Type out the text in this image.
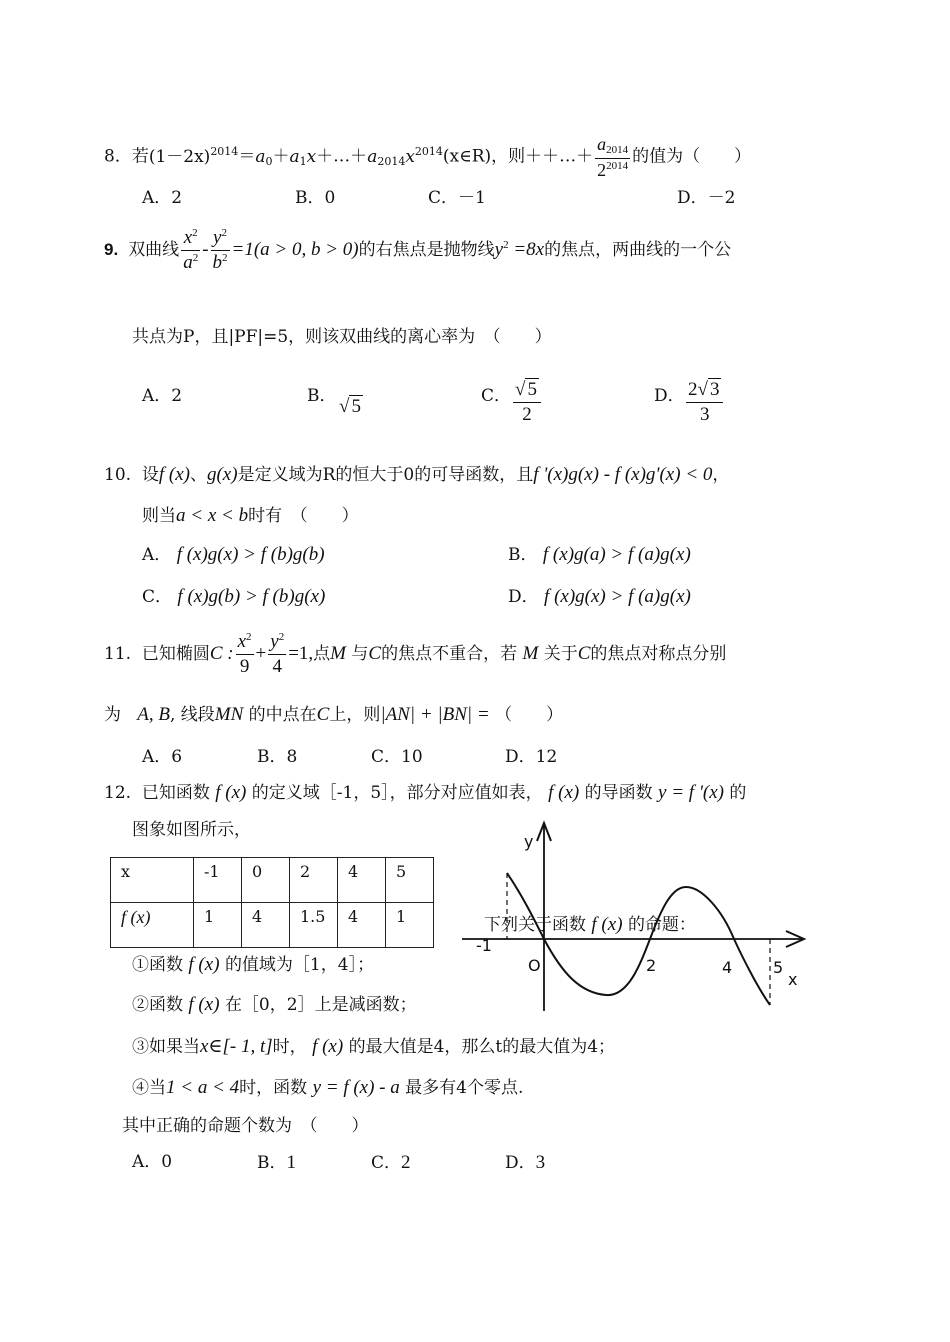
8．若$(1-2x)^{2014}=a_0+a_1x+\dots+a_{2014}x^{2014}(x\in R)$，则＋＋…＋ $\frac{a_{2014}}{2^{2014}}$ 的值为（　　）
A．2	B．0	C．－1	D．－2
9. 双曲线 $\frac{x^2}{a^2} - \frac{y^2}{b^2} =1(a > 0$, b > 0)的右焦点是抛物线$y^2 =8x$的焦点，两曲线的一个公
共点为P，且|PF|=5，则该双曲线的离心率为　（　　）
A．2	B． √ 5	C． $\frac{√ 5}{2}$	D． $\frac{2√ 3}{3}$
10. 设f (x)、g(x)是定义域为R的恒大于0的可导函数，且f '(x)g(x) - f (x)g'(x) < 0，
则当a < x < b时有　（　　）
A． f (x)g(x) > f (b)g(b)	B． f (x)g(a) > f (a)g(x)
C． f (x)g(b) > f (b)g(x)	D． f (x)g(x) > f (a)g(x)
11. 已知椭圆C : $\frac{x^2}{9} + \frac{y^2}{4} =1$,点M 与C的焦点不重合，若 M 关于C的焦点对称点分别
为 A, B, 线段MN 的中点在C上，则|AN| + |BN| = （　　）
A．6	B．8	C．10	D．12
12. 已知函数 f (x) 的定义域［-1，5］，部分对应值如表， f (x) 的导函数 y = f '(x) 的
图象如图所示，
x	-1	0	2	4	5
f (x)	1	4	1.5	4	1
y
x
O
-1
2	4	5
下列关于函数 f (x) 的命题：
①函数 f (x) 的值域为［1，4］；
②函数 f (x) 在［0，2］上是减函数；
③如果当x∈[- 1, t]时， f (x) 的最大值是4，那么t的最大值为4；
④当1 < a < 4时，函数 y = f (x) - a 最多有4个零点.
其中正确的命题个数为　（　　）
A．0	B．1	C．2	D．3
